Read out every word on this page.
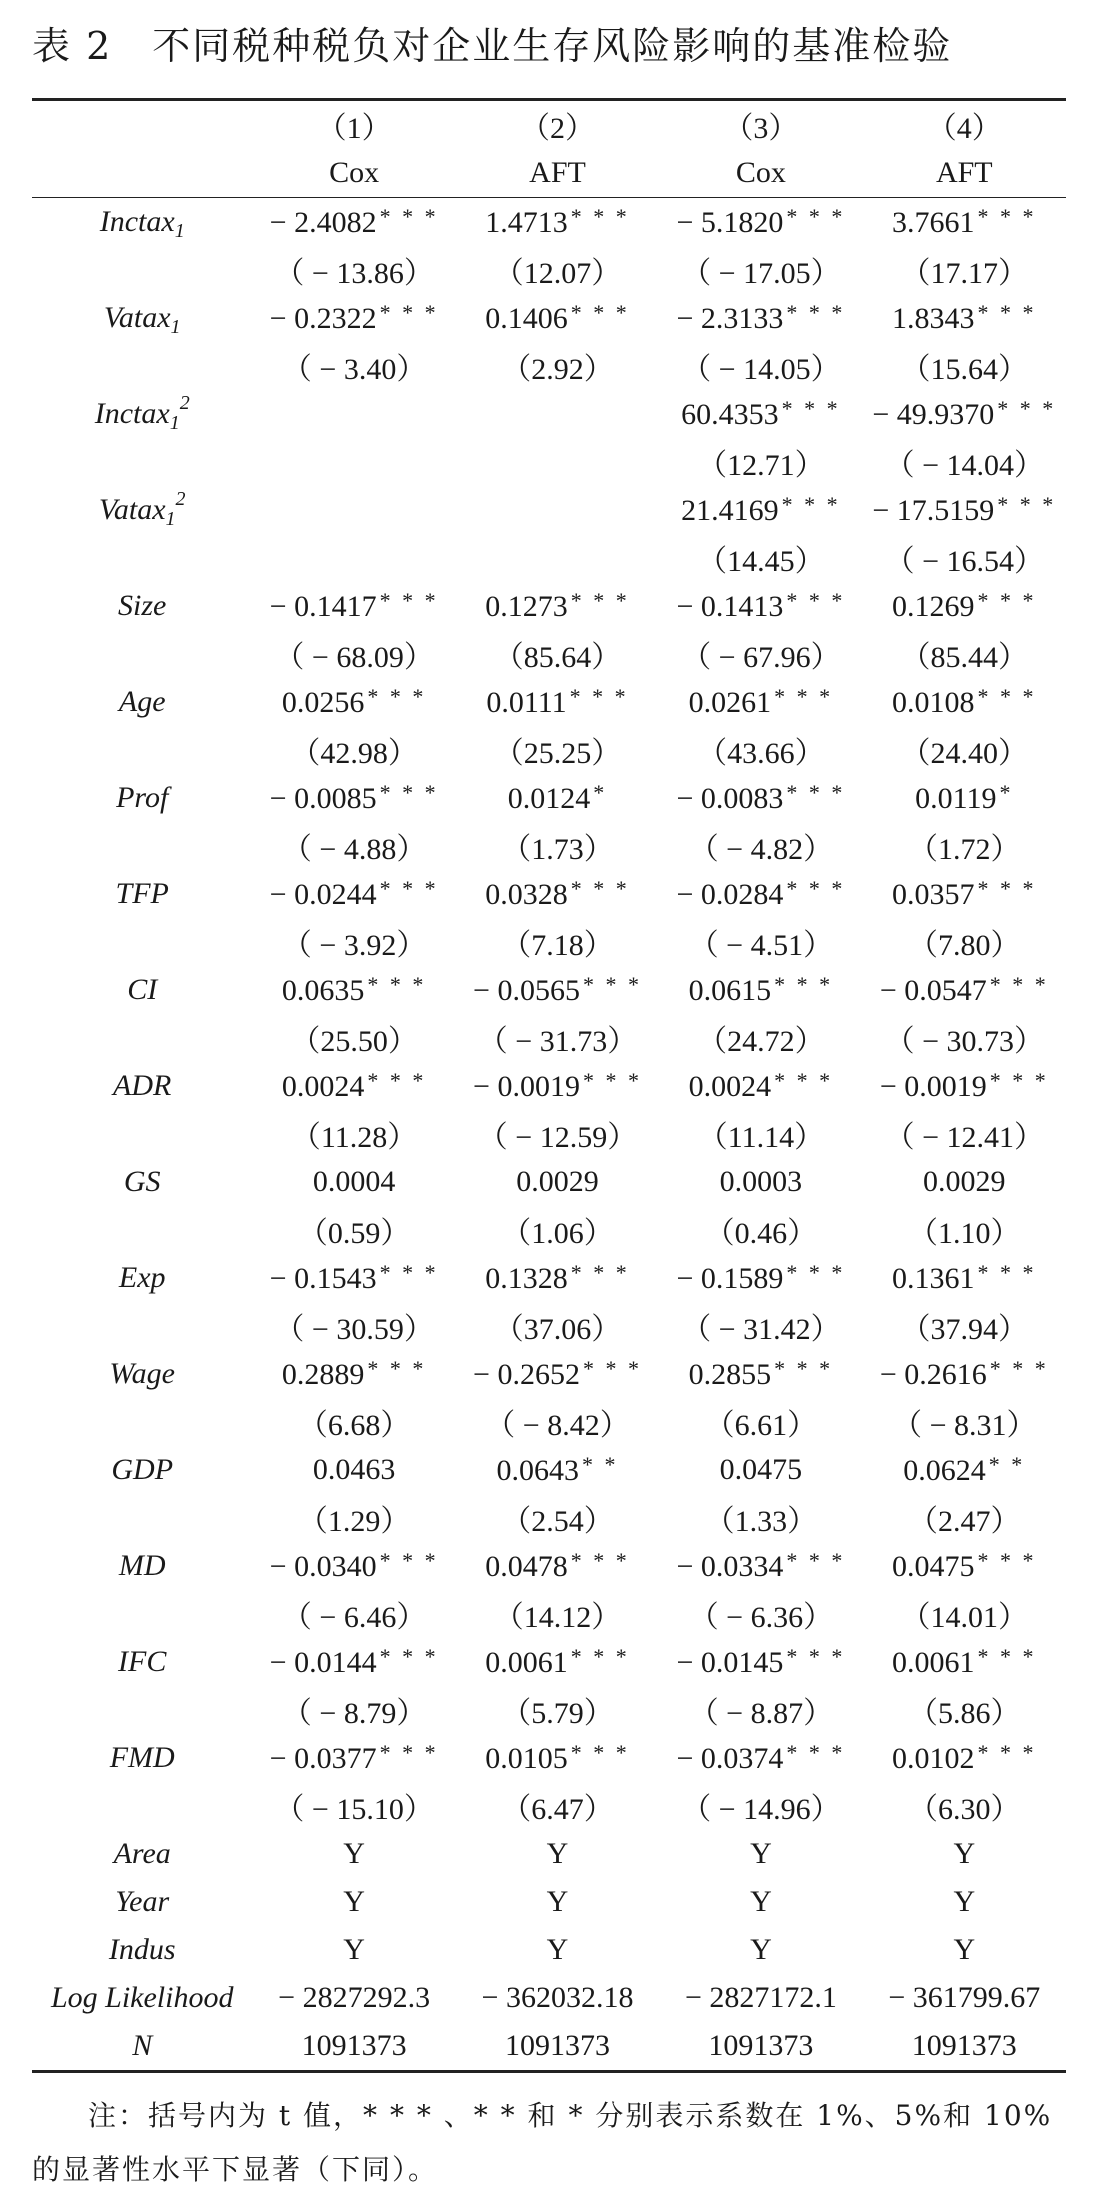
表 2　不同税种税负对企业生存风险影响的基准检验
	（1）	（2）	（3）	（4）
	Cox	AFT	Cox	AFT
Inctax$_1$	− 2.4082 * * *	1.4713 * * *	− 5.1820 * * *	3.7661 * * *
	（ − 13.86）	（12.07）	（ − 17.05）	（17.17）
Vatax$_1$	− 0.2322 * * *	0.1406 * * *	− 2.3133 * * *	1.8343 * * *
	（ − 3.40）	（2.92）	（ − 14.05）	（15.64）
Inctax$_1^2$			60.4353 * * *	− 49.9370 * * *
			（12.71）	（ − 14.04）
Vatax$_1^2$			21.4169 * * *	− 17.5159 * * *
			（14.45）	（ − 16.54）
Size	− 0.1417 * * *	0.1273 * * *	− 0.1413 * * *	0.1269 * * *
	（ − 68.09）	（85.64）	（ − 67.96）	（85.44）
Age	0.0256 * * *	0.0111 * * *	0.0261 * * *	0.0108 * * *
	（42.98）	（25.25）	（43.66）	（24.40）
Prof	− 0.0085 * * *	0.0124 *	− 0.0083 * * *	0.0119 *
	（ − 4.88）	（1.73）	（ − 4.82）	（1.72）
TFP	− 0.0244 * * *	0.0328 * * *	− 0.0284 * * *	0.0357 * * *
	（ − 3.92）	（7.18）	（ − 4.51）	（7.80）
CI	0.0635 * * *	− 0.0565 * * *	0.0615 * * *	− 0.0547 * * *
	（25.50）	（ − 31.73）	（24.72）	（ − 30.73）
ADR	0.0024 * * *	− 0.0019 * * *	0.0024 * * *	− 0.0019 * * *
	（11.28）	（ − 12.59）	（11.14）	（ − 12.41）
GS	0.0004	0.0029	0.0003	0.0029
	（0.59）	（1.06）	（0.46）	（1.10）
Exp	− 0.1543 * * *	0.1328 * * *	− 0.1589 * * *	0.1361 * * *
	（ − 30.59）	（37.06）	（ − 31.42）	（37.94）
Wage	0.2889 * * *	− 0.2652 * * *	0.2855 * * *	− 0.2616 * * *
	（6.68）	（ − 8.42）	（6.61）	（ − 8.31）
GDP	0.0463	0.0643 * *	0.0475	0.0624 * *
	（1.29）	（2.54）	（1.33）	（2.47）
MD	− 0.0340 * * *	0.0478 * * *	− 0.0334 * * *	0.0475 * * *
	（ − 6.46）	（14.12）	（ − 6.36）	（14.01）
IFC	− 0.0144 * * *	0.0061 * * *	− 0.0145 * * *	0.0061 * * *
	（ − 8.79）	（5.79）	（ − 8.87）	（5.86）
FMD	− 0.0377 * * *	0.0105 * * *	− 0.0374 * * *	0.0102 * * *
	（ − 15.10）	（6.47）	（ − 14.96）	（6.30）
Area	Y	Y	Y	Y
Year	Y	Y	Y	Y
Indus	Y	Y	Y	Y
Log Likelihood	− 2827292.3	− 362032.18	− 2827172.1	− 361799.67
N	1091373	1091373	1091373	1091373
注：括号内为 t 值，* * * 、* * 和 * 分别表示系数在 1%、5%和 10%的显著性水平下显著（下同）。
